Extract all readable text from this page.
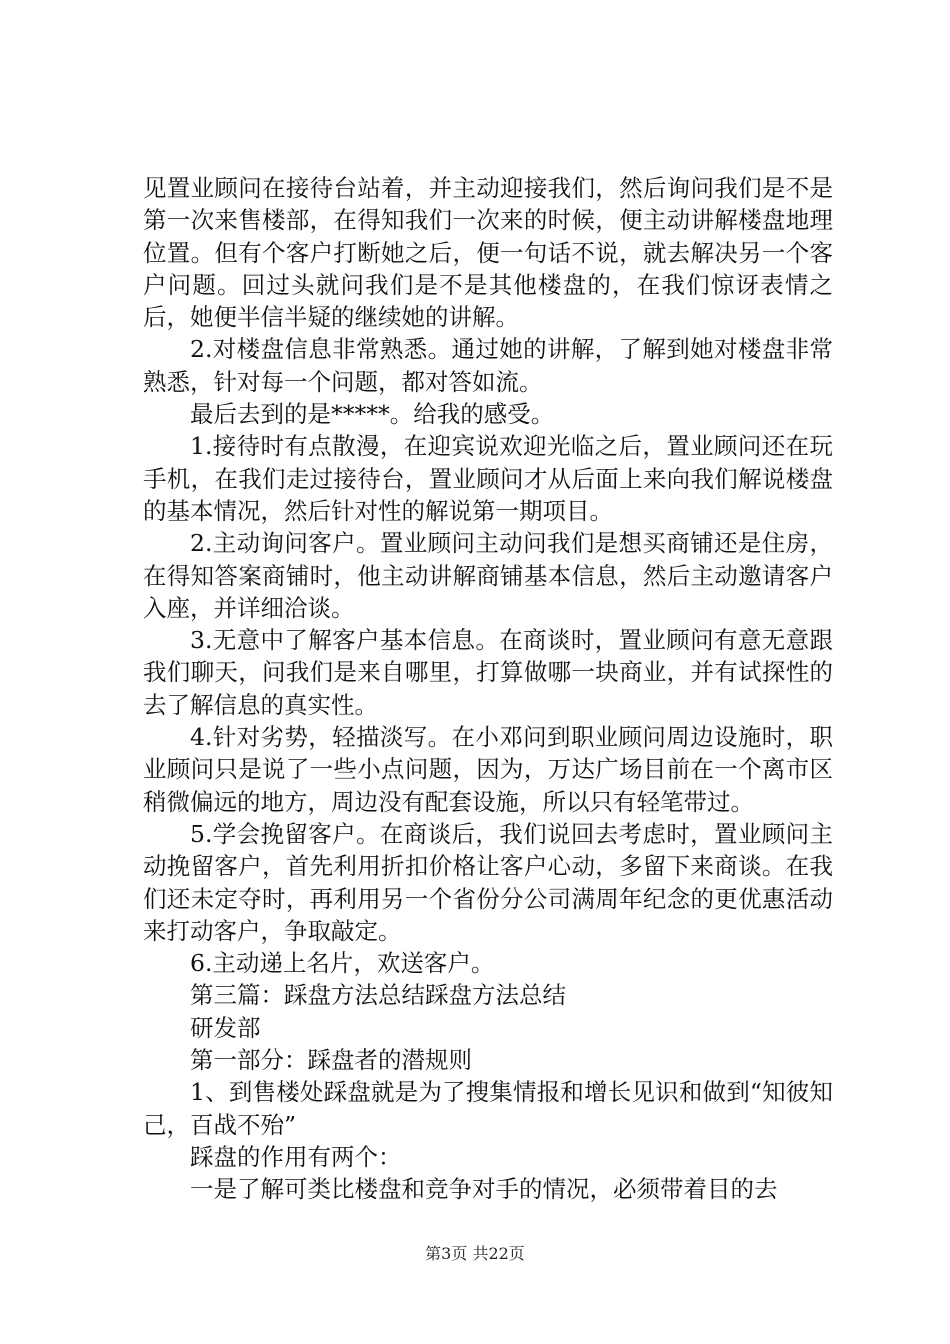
见置业顾问在接待台站着，并主动迎接我们，然后询问我们是不是第一次来售楼部，在得知我们一次来的时候，便主动讲解楼盘地理位置。但有个客户打断她之后，便一句话不说，就去解决另一个客户问题。回过头就问我们是不是其他楼盘的，在我们惊讶表情之后，她便半信半疑的继续她的讲解。

2.对楼盘信息非常熟悉。通过她的讲解，了解到她对楼盘非常熟悉，针对每一个问题，都对答如流。

最后去到的是*****。给我的感受。

1.接待时有点散漫，在迎宾说欢迎光临之后，置业顾问还在玩手机，在我们走过接待台，置业顾问才从后面上来向我们解说楼盘的基本情况，然后针对性的解说第一期项目。

2.主动询问客户。置业顾问主动问我们是想买商铺还是住房，在得知答案商铺时，他主动讲解商铺基本信息，然后主动邀请客户入座，并详细洽谈。

3.无意中了解客户基本信息。在商谈时，置业顾问有意无意跟我们聊天，问我们是来自哪里，打算做哪一块商业，并有试探性的去了解信息的真实性。

4.针对劣势，轻描淡写。在小邓问到职业顾问周边设施时，职业顾问只是说了一些小点问题，因为，万达广场目前在一个离市区稍微偏远的地方，周边没有配套设施，所以只有轻笔带过。

5.学会挽留客户。在商谈后，我们说回去考虑时，置业顾问主动挽留客户，首先利用折扣价格让客户心动，多留下来商谈。在我们还未定夺时，再利用另一个省份分公司满周年纪念的更优惠活动来打动客户，争取敲定。

6.主动递上名片，欢送客户。

第三篇：踩盘方法总结踩盘方法总结

研发部

第一部分：踩盘者的潜规则

1、到售楼处踩盘就是为了搜集情报和增长见识和做到“知彼知己，百战不殆”

踩盘的作用有两个：

一是了解可类比楼盘和竞争对手的情况，必须带着目的去

第3页 共22页
